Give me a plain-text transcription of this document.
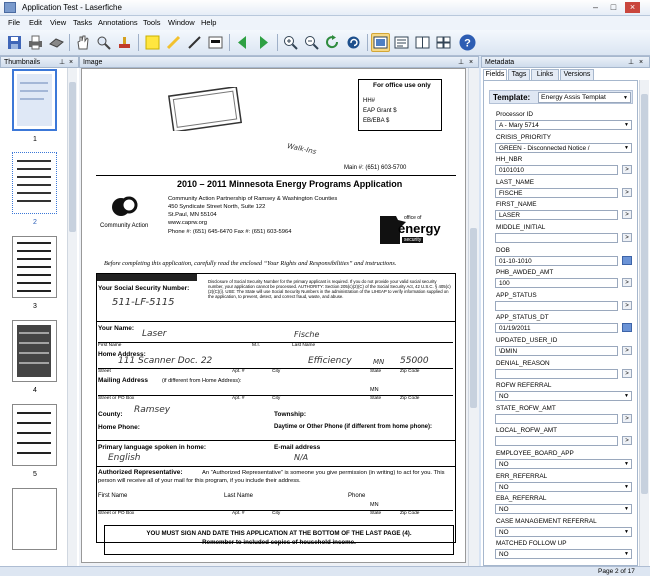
Application Test - Laserfiche	–	□	×
File Edit View Tasks Annotations Tools Window Help
?
Thumbnails	⊥ ×
1
2
3
4
5
Image	⊥ ×
For office use only
HH#
EAP Grant $
EB/EBA $
Walk-Ins
Main #: (651) 603-5700
2010 – 2011 Minnesota Energy Programs Application
Community Action
Community Action Partnership of Ramsey & Washington Counties
450 Syndicate Street North, Suite 122
St.Paul, MN 55104
www.caprw.org
Phone #: (651) 645-6470 Fax #: (651) 603-5964
office of
energy
security
Before completing this application, carefully read the enclosed “Your Rights and Responsibilities” and instructions.
Your Social Security Number:
511-LF-5115
Disclosure of Social Security Number for the primary applicant is required. If you do not provide your valid social security number, your application cannot be processed. AUTHORITY: Section 205(c)(2)(C) of the Social Security Act, 42 U.S.C. § 405(c)(2)(C)(i). USE: The State will use Social Security Numbers in the administration of the LIHEAP to verify information supplied on the application, to prevent, detect, and correct fraud, waste, and abuse.
Your Name:
Laser	Fische
First Name	M.I.	Last Name
Home Address:
111 Scanner Doc. 22	Efficiency	MN 55000
Street	Apt. #	City	State	Zip Code
Mailing Address	(if different from Home Address):
MN
Street or PO Box	Apt. #	City	State	Zip Code
County: Ramsey	Township:
Home Phone:	Daytime or Other Phone (if different from home phone):
Primary language spoken in home:
English
E-mail address
N/A
Authorized Representative:	An “Authorized Representative” is someone you give permission (in writing) to act for you. This person will receive all of your mail for this program, if you include their address.
First Name	Last Name	Phone
MN
Street or PO Box	Apt. #	City	State	Zip Code
YOU MUST SIGN AND DATE THIS APPLICATION AT THE BOTTOM OF THE LAST PAGE (4).
Remember to included copies of household income.
Metadata	⊥ ×
Fields	Tags	Links	Versions
Template:	Energy Assis Templat	▼
Processor ID
A - Mary 5714	▼
CRISIS_PRIORITY
GREEN - Disconnected Notice /	▼
HH_NBR
0101010	>
LAST_NAME
FISCHE	>
FIRST_NAME
LASER	>
MIDDLE_INITIAL
>
DOB
01-10-1010
PHB_AWDED_AMT
100	>
APP_STATUS
>
APP_STATUS_DT
01/19/2011
UPDATED_USER_ID
\DMIN	>
DENIAL_REASON
>
ROFW REFERRAL
NO	▼
STATE_ROFW_AMT
>
LOCAL_ROFW_AMT
>
EMPLOYEE_BOARD_APP
NO	▼
ERR_REFERRAL
NO	▼
EBA_REFERRAL
NO	▼
CASE MANAGEMENT REFERRAL
NO	▼
MATCHED FOLLOW UP
NO	▼
Page 2 of 17
